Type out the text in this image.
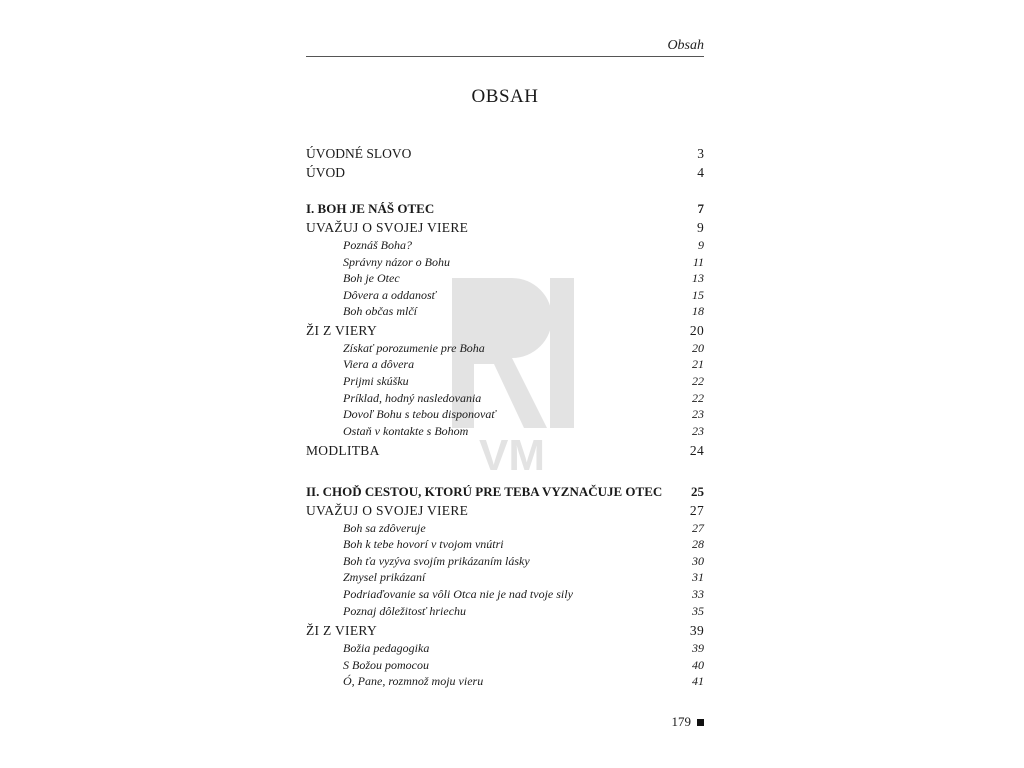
VM
Obsah
OBSAH
ÚVODNÉ SLOVO	3
ÚVOD	4
I. BOH JE NÁŠ OTEC	7
UVAŽUJ O SVOJEJ VIERE	9
Poznáš Boha?	9
Správny názor o Bohu	11
Boh je Otec	13
Dôvera a oddanosť	15
Boh občas mlčí	18
ŽI Z VIERY	20
Získať porozumenie pre Boha	20
Viera a dôvera	21
Prijmi skúšku	22
Príklad, hodný nasledovania	22
Dovoľ Bohu s tebou disponovať	23
Ostaň v kontakte s Bohom	23
MODLITBA	24
II. CHOĎ CESTOU, KTORÚ PRE TEBA VYZNAČUJE OTEC 25
UVAŽUJ O SVOJEJ VIERE	27
Boh sa zdôveruje	27
Boh k tebe hovorí v tvojom vnútri	28
Boh ťa vyzýva svojím prikázaním lásky	30
Zmysel prikázaní	31
Podriaďovanie sa vôli Otca nie je nad tvoje sily	33
Poznaj dôležitosť hriechu	35
ŽI Z VIERY	39
Božia pedagogika	39
S Božou pomocou	40
Ó, Pane, rozmnož moju vieru	41
179
